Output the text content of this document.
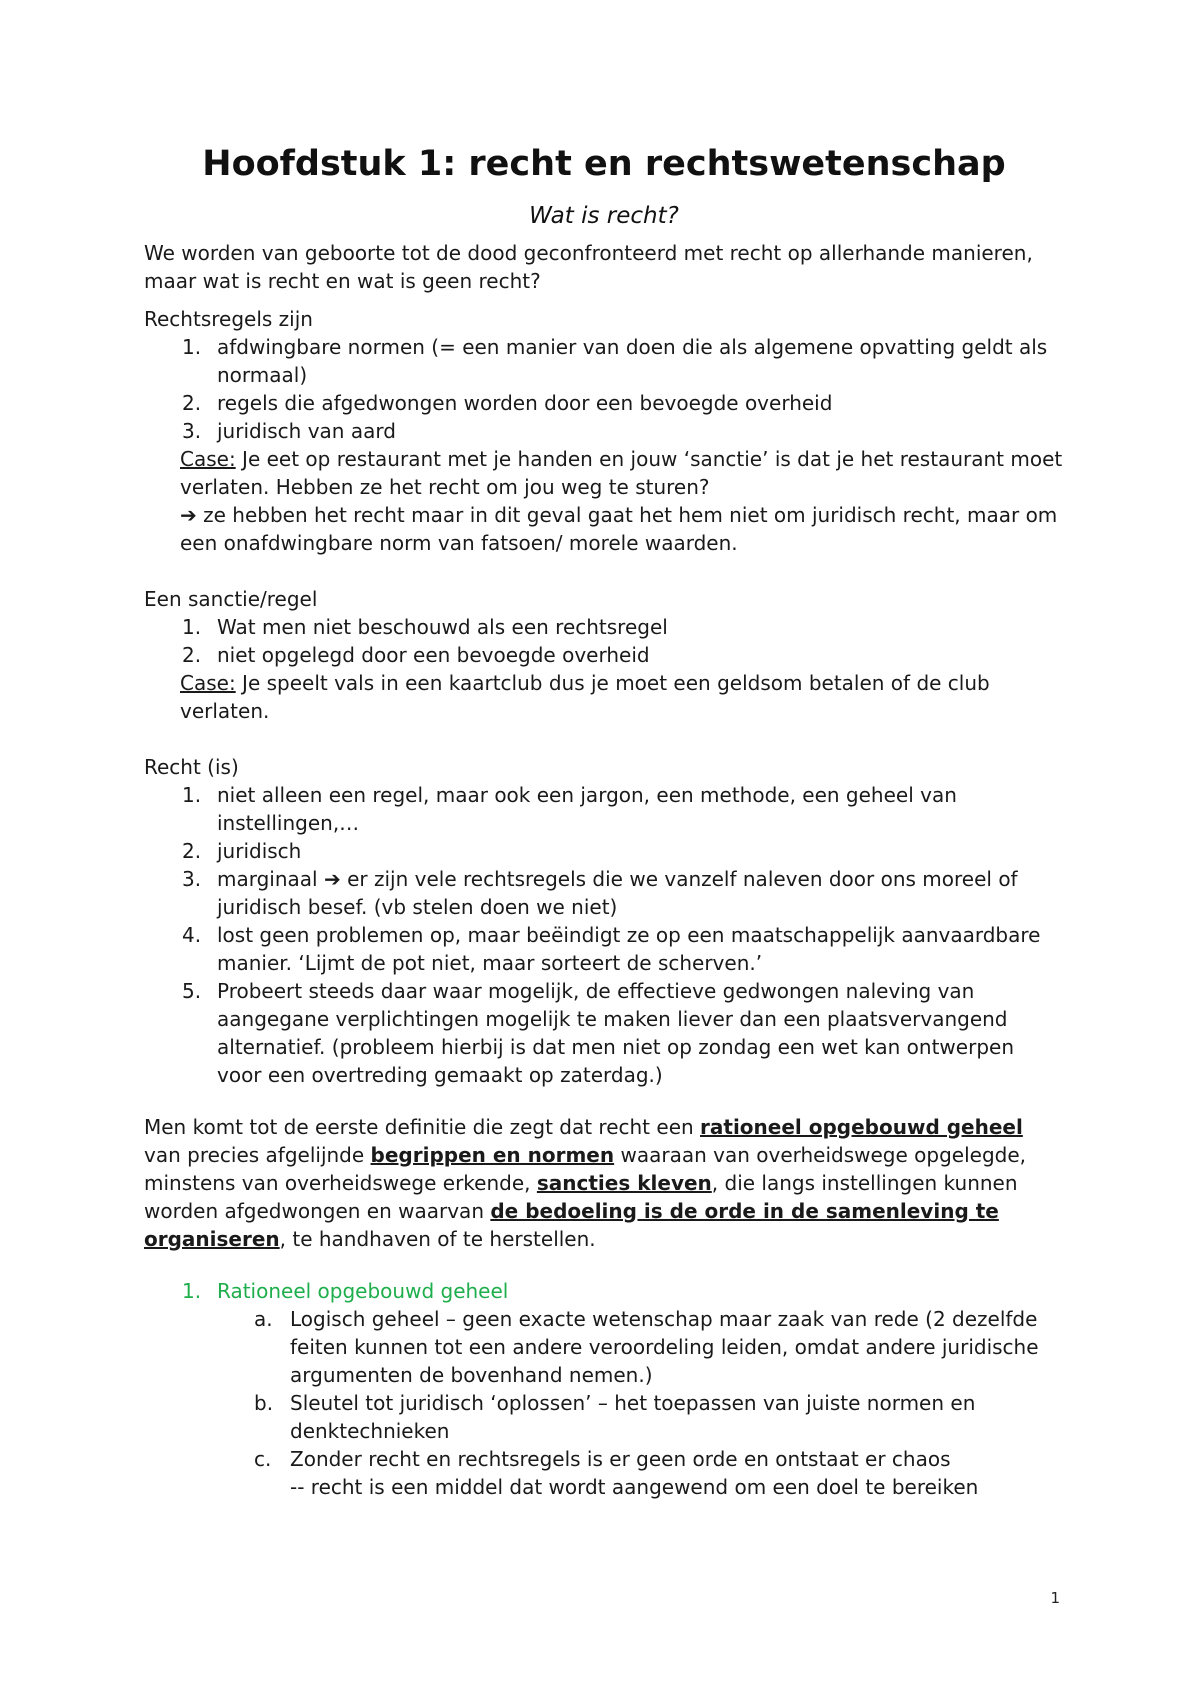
Hoofdstuk 1: recht en rechtswetenschap
Wat is recht?

We worden van geboorte tot de dood geconfronteerd met recht op allerhande manieren, maar wat is recht en wat is geen recht?

Rechtsregels zijn

1. afdwingbare normen (= een manier van doen die als algemene opvatting geldt als normaal)
2. regels die afgedwongen worden door een bevoegde overheid
3. juridisch van aard
Case: Je eet op restaurant met je handen en jouw ‘sanctie’ is dat je het restaurant moet verlaten. Hebben ze het recht om jou weg te sturen?
➔ ze hebben het recht maar in dit geval gaat het hem niet om juridisch recht, maar om een onafdwingbare norm van fatsoen/ morele waarden.

Een sanctie/regel

1. Wat men niet beschouwd als een rechtsregel
2. niet opgelegd door een bevoegde overheid
Case: Je speelt vals in een kaartclub dus je moet een geldsom betalen of de club verlaten.

Recht (is)

1. niet alleen een regel, maar ook een jargon, een methode, een geheel van instellingen,…
2. juridisch
3. marginaal ➔ er zijn vele rechtsregels die we vanzelf naleven door ons moreel of juridisch besef. (vb stelen doen we niet)
4. lost geen problemen op, maar beëindigt ze op een maatschappelijk aanvaardbare manier. ‘Lijmt de pot niet, maar sorteert de scherven.’
5. Probeert steeds daar waar mogelijk, de effectieve gedwongen naleving van aangegane verplichtingen mogelijk te maken liever dan een plaatsvervangend alternatief. (probleem hierbij is dat men niet op zondag een wet kan ontwerpen voor een overtreding gemaakt op zaterdag.)

Men komt tot de eerste definitie die zegt dat recht een rationeel opgebouwd geheel van precies afgelijnde begrippen en normen waaraan van overheidswege opgelegde, minstens van overheidswege erkende, sancties kleven, die langs instellingen kunnen worden afgedwongen en waarvan de bedoeling is de orde in de samenleving te organiseren, te handhaven of te herstellen.

1. Rationeel opgebouwd geheel
a. Logisch geheel – geen exacte wetenschap maar zaak van rede (2 dezelfde feiten kunnen tot een andere veroordeling leiden, omdat andere juridische argumenten de bovenhand nemen.)
b. Sleutel tot juridisch ‘oplossen’ – het toepassen van juiste normen en denktechnieken
c. Zonder recht en rechtsregels is er geen orde en ontstaat er chaos
-- recht is een middel dat wordt aangewend om een doel te bereiken
1
